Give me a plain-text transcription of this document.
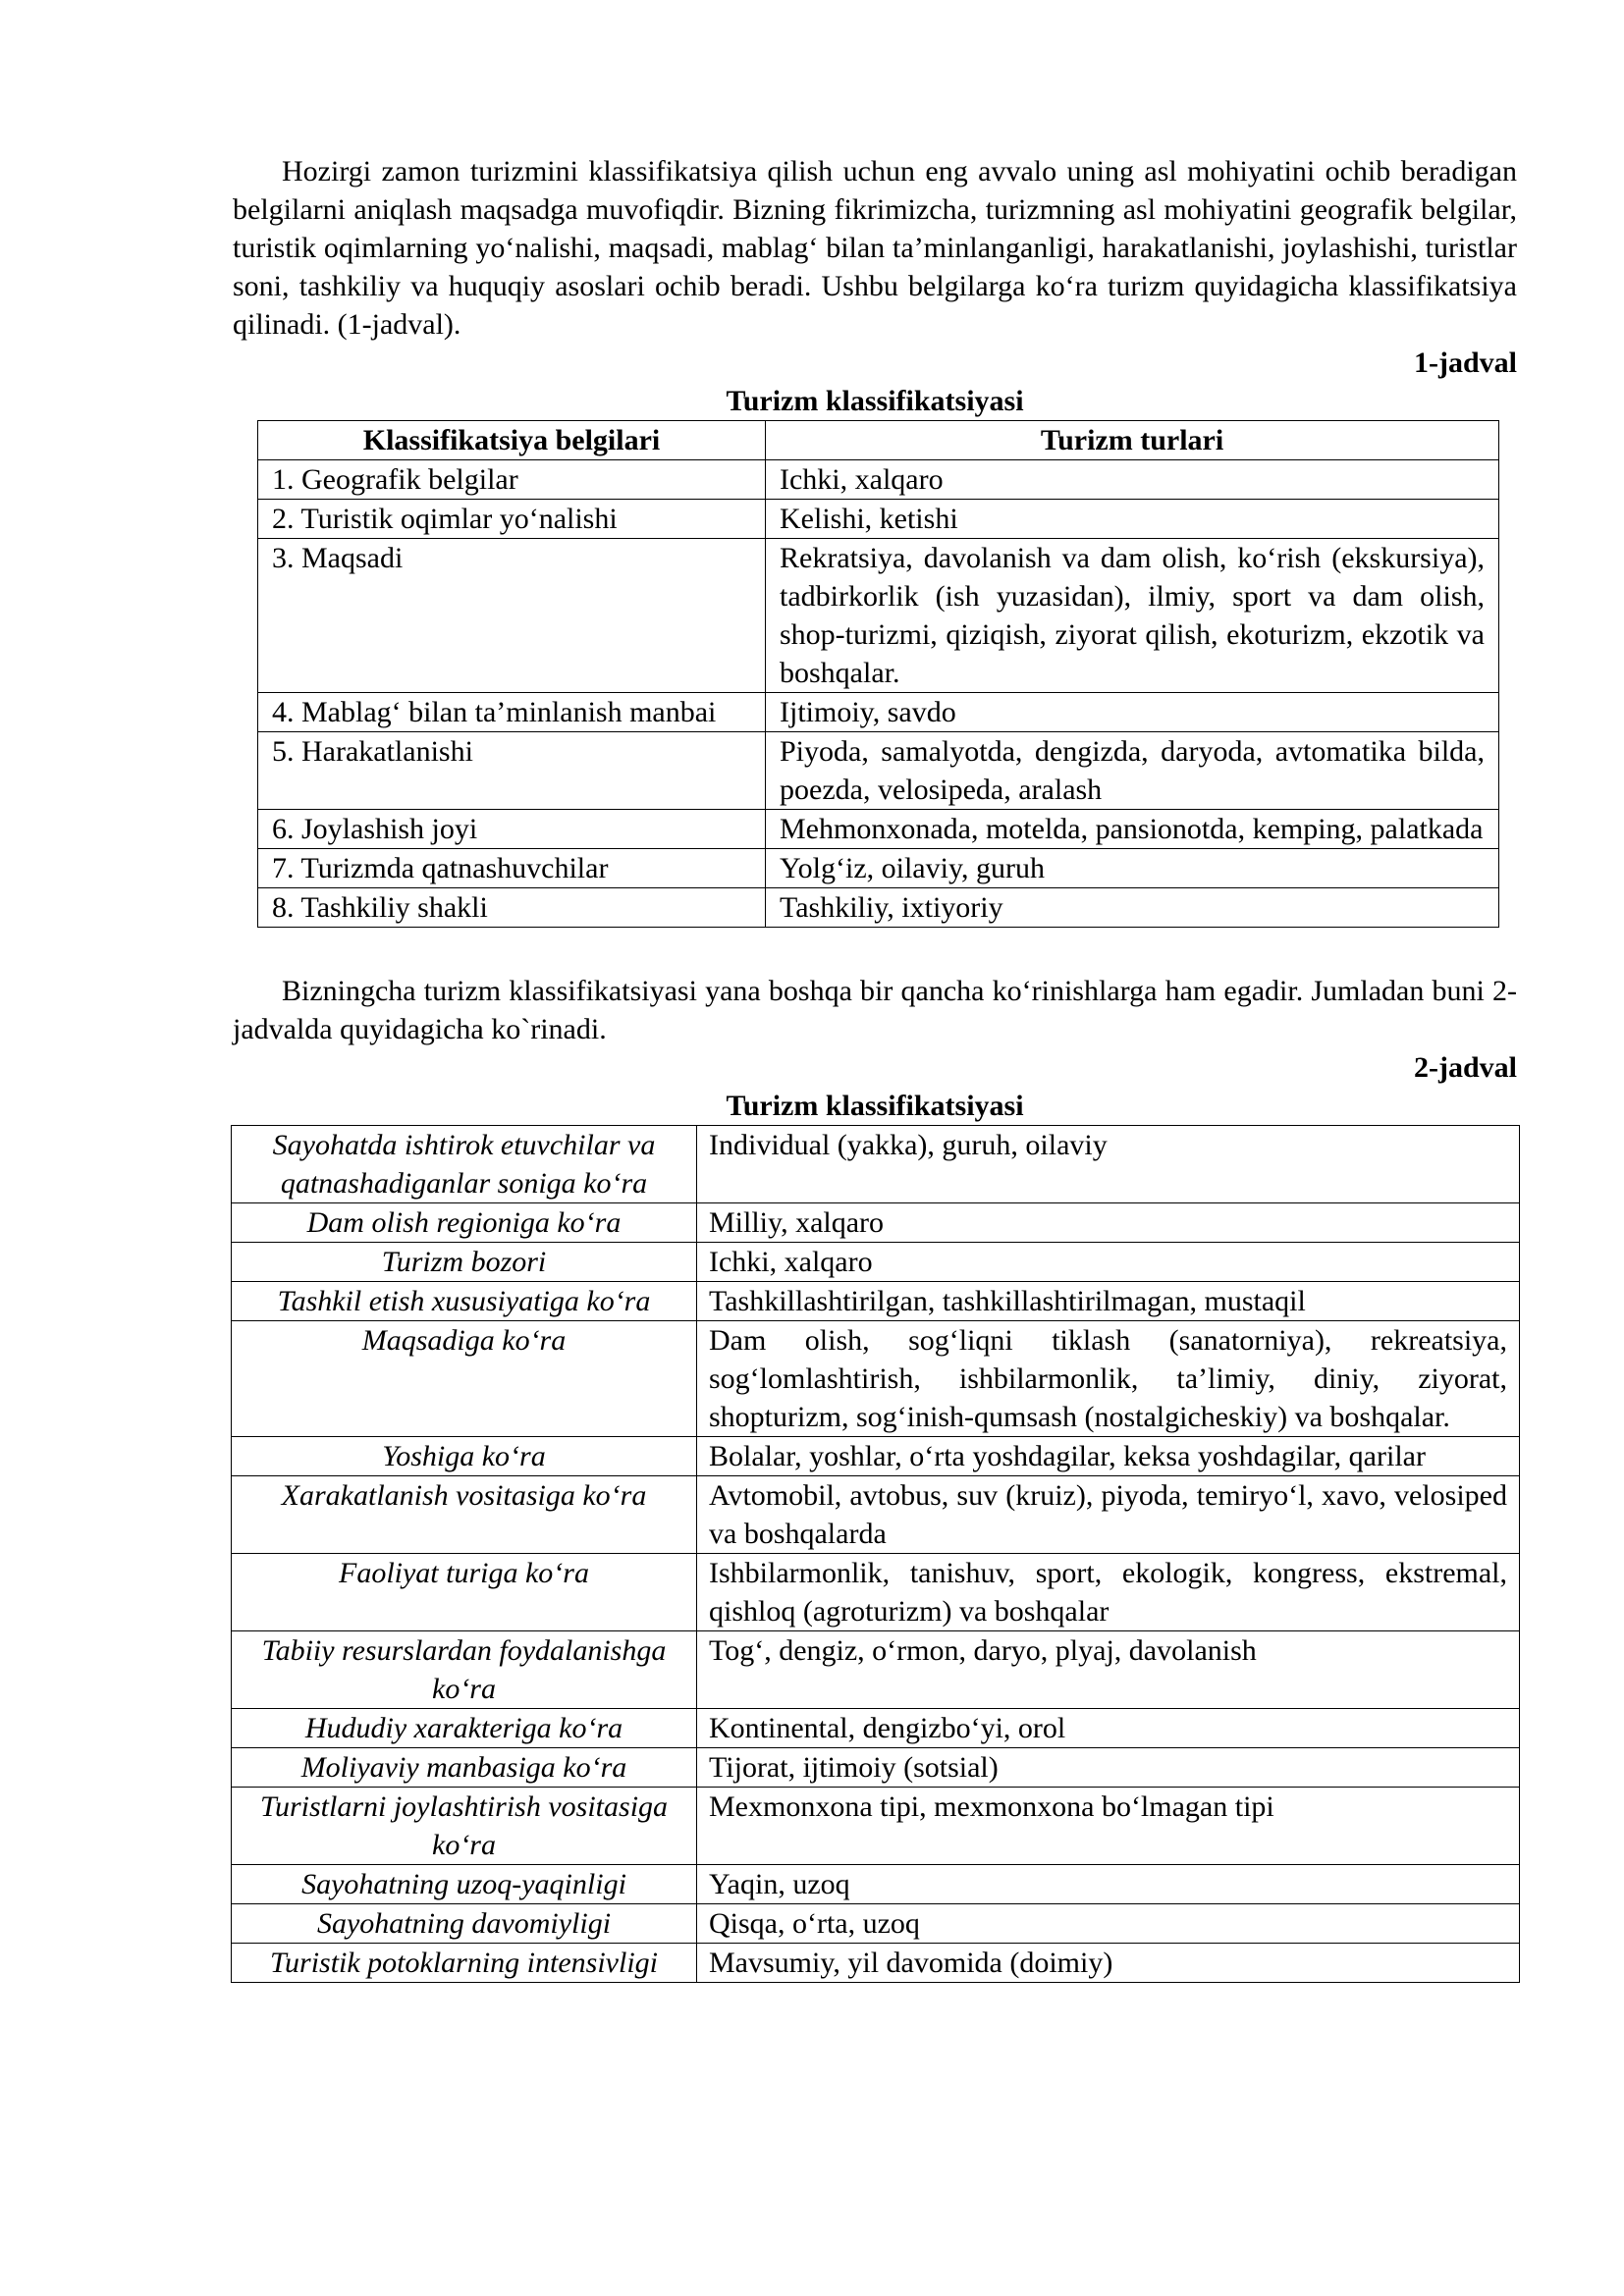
Hozirgi zamon turizmini klassifikatsiya qilish uchun eng avvalo uning asl mohiyatini ochib beradigan belgilarni aniqlash maqsadga muvofiqdir. Bizning fikrimizcha, turizmning asl mohiyatini geografik belgilar, turistik oqimlarning yo‘nalishi, maqsadi, mablag‘ bilan ta’minlanganligi, harakatlanishi, joylashishi, turistlar soni, tashkiliy va huquqiy asoslari ochib beradi. Ushbu belgilarga ko‘ra turizm quyidagicha klassifikatsiya qilinadi. (1-jadval).

1-jadval

Turizm klassifikatsiyasi

Klassifikatsiya belgilari	Turizm turlari
1. Geografik belgilar	Ichki, xalqaro
2. Turistik oqimlar yo‘nalishi	Kelishi, ketishi
3. Maqsadi	Rekratsiya, davolanish va dam olish, ko‘rish (ekskursiya), tadbirkorlik (ish yuzasidan), ilmiy, sport va dam olish, shop-turizmi, qiziqish, ziyorat qilish, ekoturizm, ekzotik va boshqalar.
4. Mablag‘ bilan ta’minlanish manbai	Ijtimoiy, savdo
5. Harakatlanishi	Piyoda, samalyotda, dengizda, daryoda, avtomatika bilda, poezda, velosipeda, aralash
6. Joylashish joyi	Mehmonxonada, motelda, pansionotda, kemping, palatkada
7. Turizmda qatnashuvchilar	Yolg‘iz, oilaviy, guruh
8. Tashkiliy shakli	Tashkiliy, ixtiyoriy

Bizningcha turizm klassifikatsiyasi yana boshqa bir qancha ko‘rinishlarga ham egadir. Jumladan buni 2-jadvalda quyidagicha ko`rinadi.

2-jadval

Turizm klassifikatsiyasi

Sayohatda ishtirok etuvchilar va qatnashadiganlar soniga ko‘ra	Individual (yakka), guruh, oilaviy
Dam olish regioniga ko‘ra	Milliy, xalqaro
Turizm bozori	Ichki, xalqaro
Tashkil etish xususiyatiga ko‘ra	Tashkillashtirilgan, tashkillashtirilmagan, mustaqil
Maqsadiga ko‘ra	Dam olish, sog‘liqni tiklash (sanatorniya), rekreatsiya, sog‘lomlashtirish, ishbilarmonlik, ta’limiy, diniy, ziyorat, shopturizm, sog‘inish-qumsash (nostalgicheskiy) va boshqalar.
Yoshiga ko‘ra	Bolalar, yoshlar, o‘rta yoshdagilar, keksa yoshdagilar, qarilar
Xarakatlanish vositasiga ko‘ra	Avtomobil, avtobus, suv (kruiz), piyoda, temiryo‘l, xavo, velosiped va boshqalarda
Faoliyat turiga ko‘ra	Ishbilarmonlik, tanishuv, sport, ekologik, kongress, ekstremal, qishloq (agroturizm) va boshqalar
Tabiiy resurslardan foydalanishga ko‘ra	Tog‘, dengiz, o‘rmon, daryo, plyaj, davolanish
Hududiy xarakteriga ko‘ra	Kontinental, dengizbo‘yi, orol
Moliyaviy manbasiga ko‘ra	Tijorat, ijtimoiy (sotsial)
Turistlarni joylashtirish vositasiga ko‘ra	Mexmonxona tipi, mexmonxona bo‘lmagan tipi
Sayohatning uzoq-yaqinligi	Yaqin, uzoq
Sayohatning davomiyligi	Qisqa, o‘rta, uzoq
Turistik potoklarning intensivligi	Mavsumiy, yil davomida (doimiy)
